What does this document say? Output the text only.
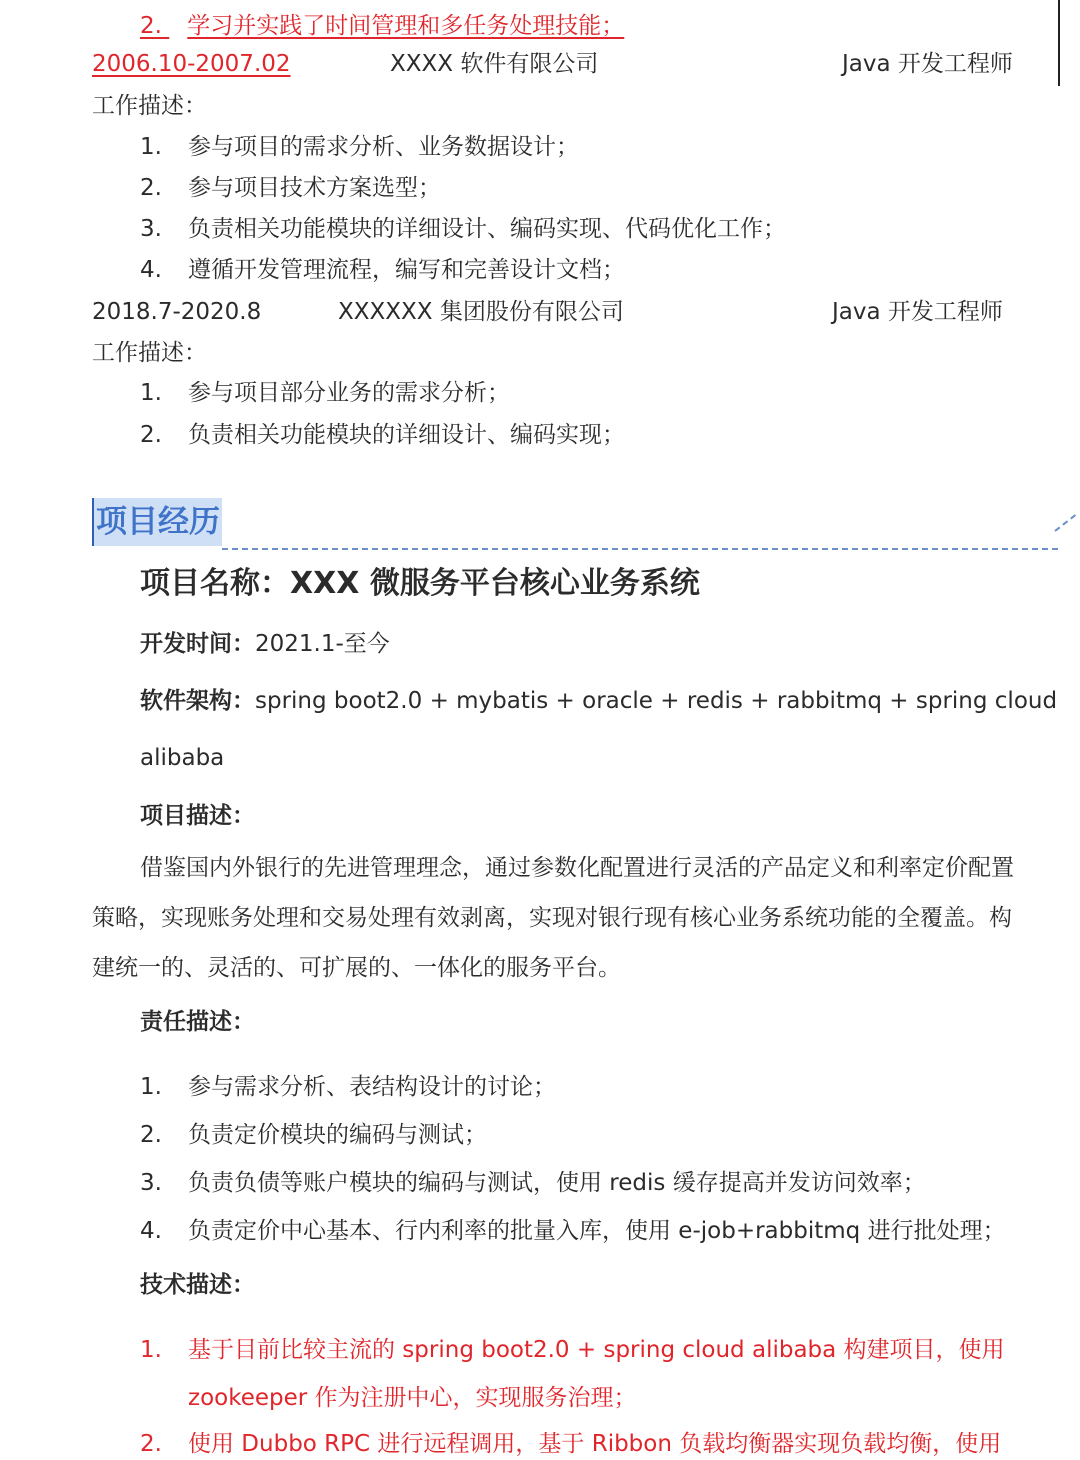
2. 学习并实践了时间管理和多任务处理技能；
2006.10-2007.02	XXXX 软件有限公司	Java 开发工程师
工作描述：
1. 参与项目的需求分析、业务数据设计；
2. 参与项目技术方案选型；
3. 负责相关功能模块的详细设计、编码实现、代码优化工作；
4. 遵循开发管理流程，编写和完善设计文档；
2018.7-2020.8	XXXXXX 集团股份有限公司	Java 开发工程师
工作描述：
1. 参与项目部分业务的需求分析；
2. 负责相关功能模块的详细设计、编码实现；
项目经历
项目名称：XXX 微服务平台核心业务系统
开发时间：2021.1-至今
软件架构：spring boot2.0 + mybatis + oracle + redis + rabbitmq + spring cloud
alibaba
项目描述：
借鉴国内外银行的先进管理理念，通过参数化配置进行灵活的产品定义和利率定价配置
策略，实现账务处理和交易处理有效剥离，实现对银行现有核心业务系统功能的全覆盖。构
建统一的、灵活的、可扩展的、一体化的服务平台。
责任描述：
1. 参与需求分析、表结构设计的讨论；
2. 负责定价模块的编码与测试；
3. 负责负债等账户模块的编码与测试，使用 redis 缓存提高并发访问效率；
4. 负责定价中心基本、行内利率的批量入库，使用 e-job+rabbitmq 进行批处理；
技术描述：
1. 基于目前比较主流的 spring boot2.0 + spring cloud alibaba 构建项目，使用
zookeeper 作为注册中心，实现服务治理；
2. 使用 Dubbo RPC 进行远程调用，基于 Ribbon 负载均衡器实现负载均衡，使用
